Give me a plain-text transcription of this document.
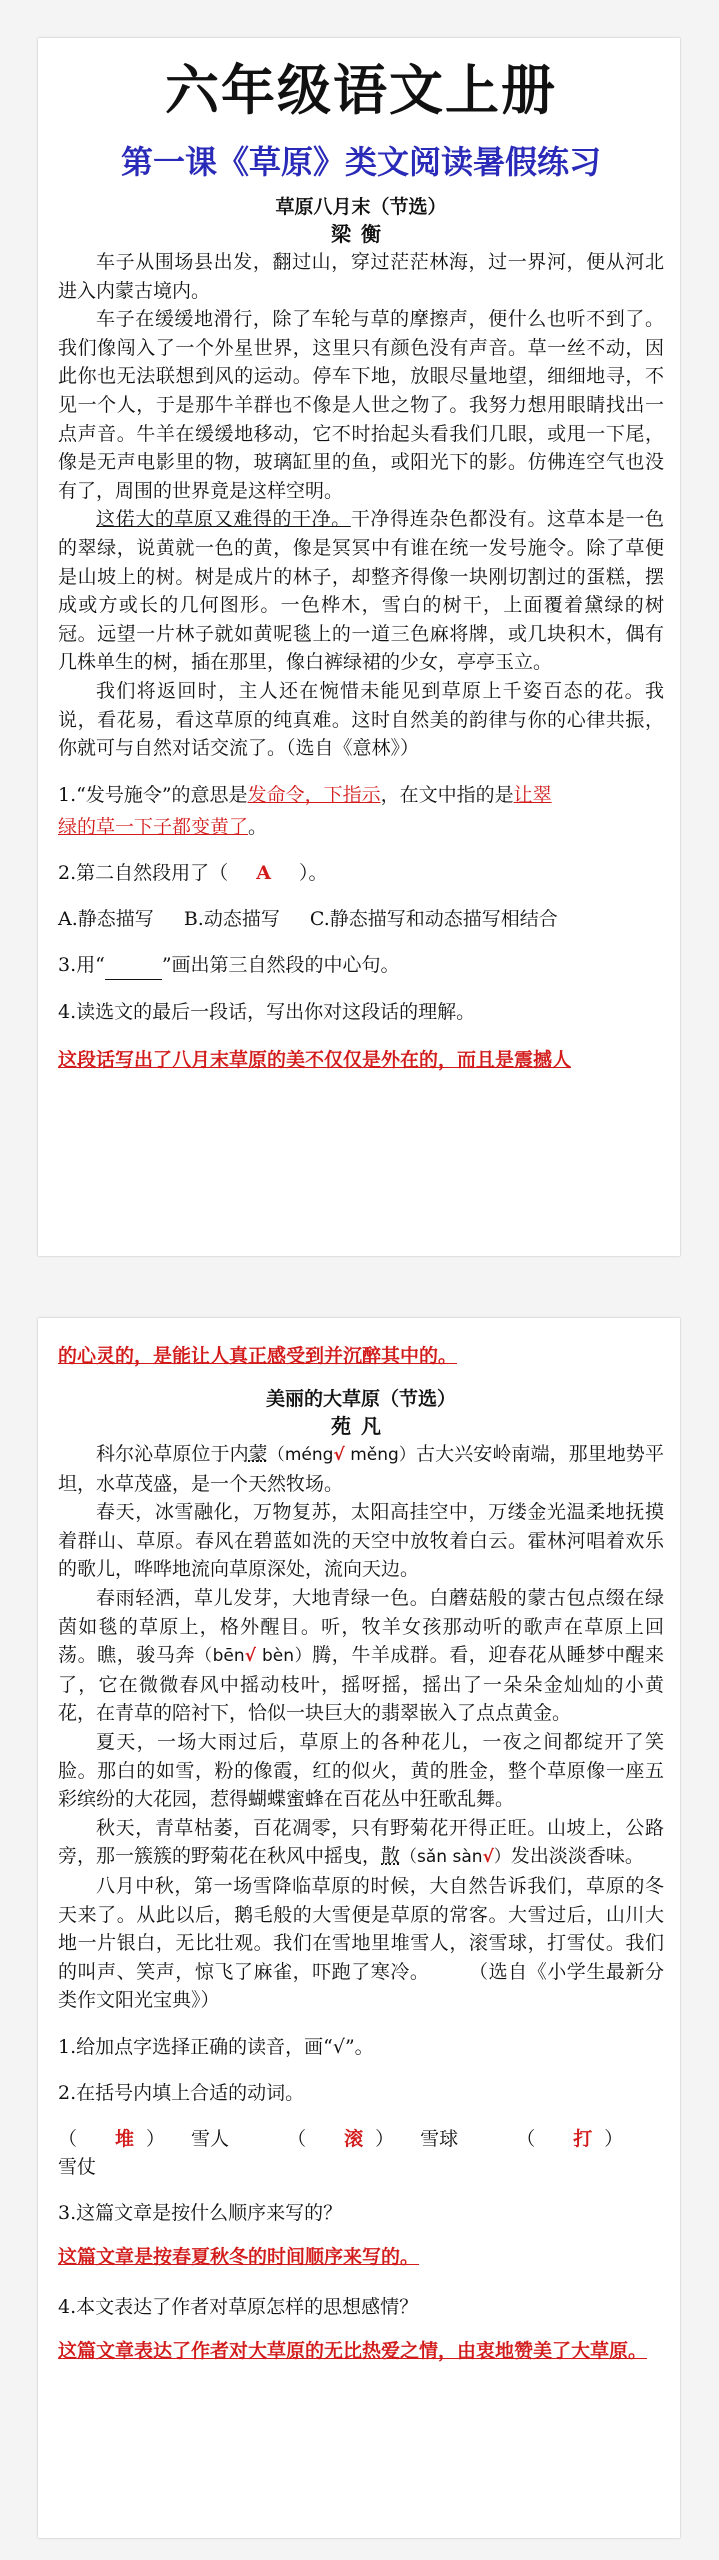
六年级语文上册
第一课《草原》类文阅读暑假练习
草原八月末（节选）
梁衡

车子从围场县出发，翻过山，穿过茫茫林海，过一界河，便从河北进入内蒙古境内。

车子在缓缓地滑行，除了车轮与草的摩擦声，便什么也听不到了。我们像闯入了一个外星世界，这里只有颜色没有声音。草一丝不动，因此你也无法联想到风的运动。停车下地，放眼尽量地望，细细地寻，不见一个人，于是那牛羊群也不像是人世之物了。我努力想用眼睛找出一点声音。牛羊在缓缓地移动，它不时抬起头看我们几眼，或甩一下尾，像是无声电影里的物，玻璃缸里的鱼，或阳光下的影。仿佛连空气也没有了，周围的世界竟是这样空明。

这偌大的草原又难得的干净。干净得连杂色都没有。这草本是一色的翠绿，说黄就一色的黄，像是冥冥中有谁在统一发号施令。除了草便是山坡上的树。树是成片的林子，却整齐得像一块刚切割过的蛋糕，摆成或方或长的几何图形。一色桦木，雪白的树干，上面覆着黛绿的树冠。远望一片林子就如黄呢毯上的一道三色麻将牌，或几块积木，偶有几株单生的树，插在那里，像白裤绿裙的少女，亭亭玉立。

我们将返回时，主人还在惋惜未能见到草原上千姿百态的花。我说，看花易，看这草原的纯真难。这时自然美的韵律与你的心律共振，你就可与自然对话交流了。（选自《意林》）

1.“发号施令”的意思是发命令，下指示，在文中指的是让翠
绿的草一下子都变黄了。
2.第二自然段用了（ A ）。
A.静态描写 B.动态描写 C.静态描写和动态描写相结合
3.用“	”画出第三自然段的中心句。
4.读选文的最后一段话，写出你对这段话的理解。
这段话写出了八月末草原的美不仅仅是外在的，而且是震撼人
的心灵的，是能让人真正感受到并沉醉其中的。
美丽的大草原（节选）
苑凡

科尔沁草原位于内蒙（méng√ měng）古大兴安岭南端，那里地势平坦，水草茂盛，是一个天然牧场。

春天，冰雪融化，万物复苏，太阳高挂空中，万缕金光温柔地抚摸着群山、草原。春风在碧蓝如洗的天空中放牧着白云。霍林河唱着欢乐的歌儿，哗哗地流向草原深处，流向天边。

春雨轻洒，草儿发芽，大地青绿一色。白蘑菇般的蒙古包点缀在绿茵如毯的草原上，格外醒目。听，牧羊女孩那动听的歌声在草原上回荡。瞧，骏马奔（bēn√ bèn）腾，牛羊成群。看，迎春花从睡梦中醒来了，它在微微春风中摇动枝叶，摇呀摇，摇出了一朵朵金灿灿的小黄花，在青草的陪衬下，恰似一块巨大的翡翠嵌入了点点黄金。

夏天，一场大雨过后，草原上的各种花儿，一夜之间都绽开了笑脸。那白的如雪，粉的像霞，红的似火，黄的胜金，整个草原像一座五彩缤纷的大花园，惹得蝴蝶蜜蜂在百花丛中狂歌乱舞。

秋天，青草枯萎，百花凋零，只有野菊花开得正旺。山坡上，公路旁，那一簇簇的野菊花在秋风中摇曳，散（sǎn sàn√）发出淡淡香味。

八月中秋，第一场雪降临草原的时候，大自然告诉我们，草原的冬天来了。从此以后，鹅毛般的大雪便是草原的常客。大雪过后，山川大地一片银白，无比壮观。我们在雪地里堆雪人，滚雪球，打雪仗。我们的叫声、笑声，惊飞了麻雀，吓跑了寒冷。　　　（选自《小学生最新分类作文阳光宝典》）

1.给加点字选择正确的读音，画“√”。
2.在括号内填上合适的动词。
（ 堆 ） 雪人	（ 滚 ） 雪球	（ 打 ）雪仗
3.这篇文章是按什么顺序来写的？
这篇文章是按春夏秋冬的时间顺序来写的。
4.本文表达了作者对草原怎样的思想感情？
这篇文章表达了作者对大草原的无比热爱之情，由衷地赞美了大草原。
